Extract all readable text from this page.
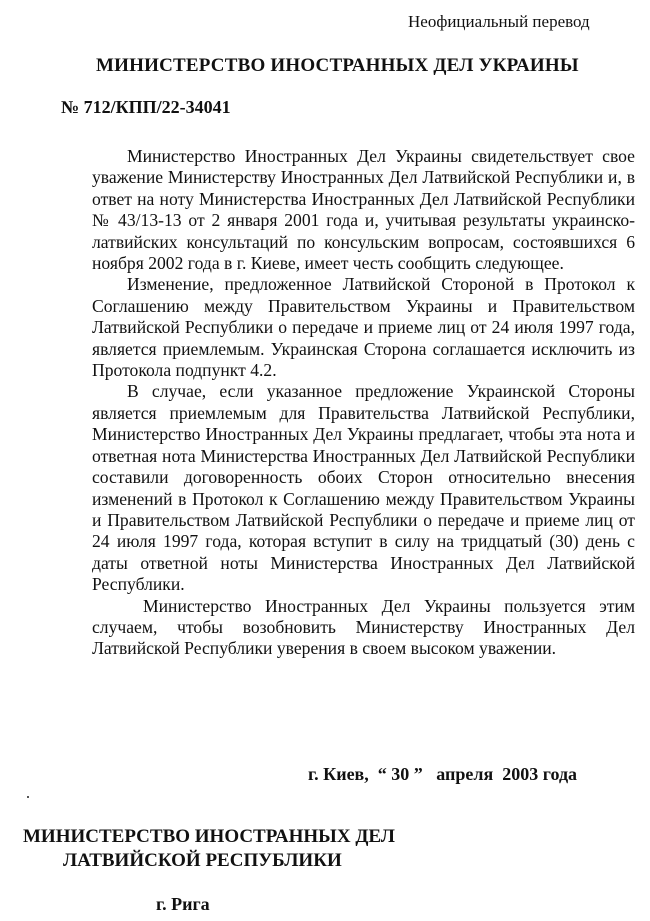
Неофициальный перевод
МИНИСТЕРСТВО ИНОСТРАННЫХ ДЕЛ УКРАИНЫ
№ 712/КПП/22-34041

Министерство Иностранных Дел Украины свидетельствует свое уважение Министерству Иностранных Дел Латвийской Республики и, в ответ на ноту Министерства Иностранных Дел Латвийской Республики № 43/13-13 от 2 января 2001 года и, учитывая результаты украинско-латвийских консультаций по консульским вопросам, состоявшихся 6 ноября 2002 года в г. Киеве, имеет честь сообщить следующее.

Изменение, предложенное Латвийской Стороной в Протокол к Соглашению между Правительством Украины и Правительством Латвийской Республики о передаче и приеме лиц от 24 июля 1997 года, является приемлемым. Украинская Сторона соглашается исключить из Протокола подпункт 4.2.

В случае, если указанное предложение Украинской Стороны является приемлемым для Правительства Латвийской Республики, Министерство Иностранных Дел Украины предлагает, чтобы эта нота и ответная нота Министерства Иностранных Дел Латвийской Республики составили договоренность обоих Сторон относительно внесения изменений в Протокол к Соглашению между Правительством Украины и Правительством Латвийской Республики о передаче и приеме лиц от 24 июля 1997 года, которая вступит в силу на тридцатый (30) день с даты ответной ноты Министерства Иностранных Дел Латвийской Республики.

Министерство Иностранных Дел Украины пользуется этим случаем, чтобы возобновить Министерству Иностранных Дел Латвийской Республики уверения в своем высоком уважении.

г. Киев,  “ 30 ”   апреля  2003 года
МИНИСТЕРСТВО ИНОСТРАННЫХ ДЕЛ
ЛАТВИЙСКОЙ РЕСПУБЛИКИ
г. Рига
